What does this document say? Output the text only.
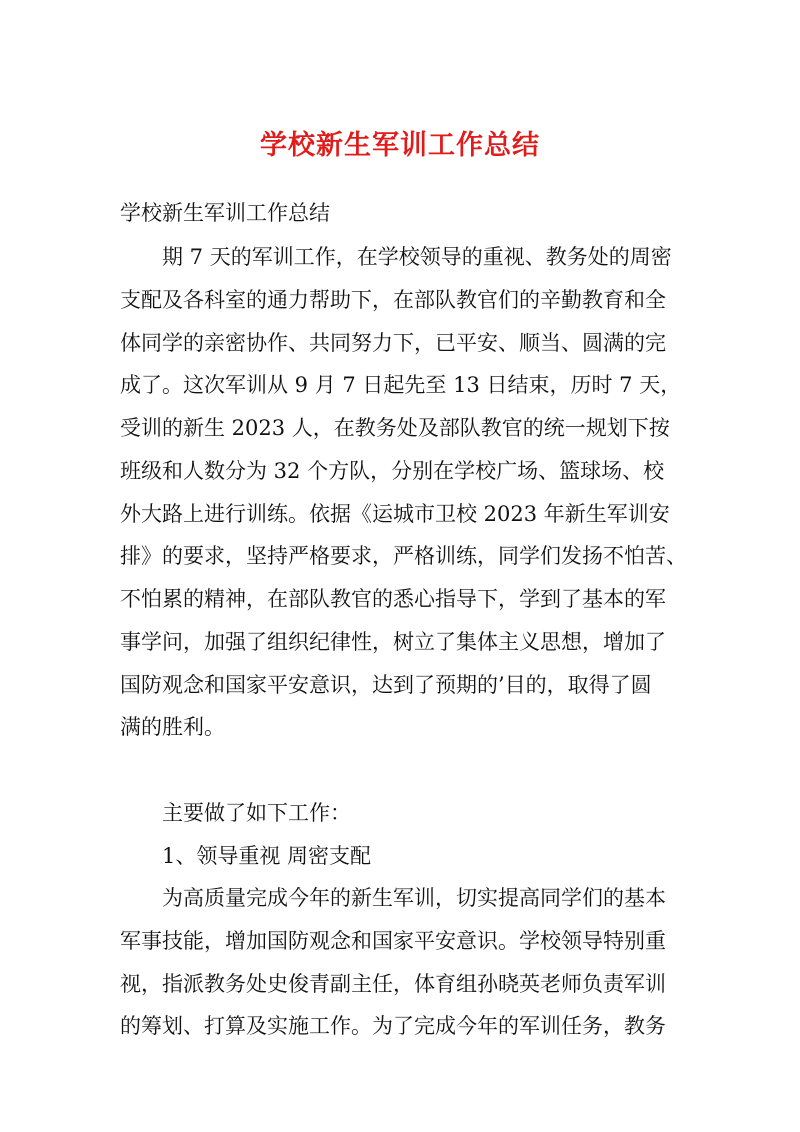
学校新生军训工作总结
学校新生军训工作总结
期 7 天的军训工作，在学校领导的重视、教务处的周密
支配及各科室的通力帮助下，在部队教官们的辛勤教育和全
体同学的亲密协作、共同努力下，已平安、顺当、圆满的完
成了。这次军训从 9 月 7 日起先至 13 日结束，历时 7 天，
受训的新生 2023 人，在教务处及部队教官的统一规划下按
班级和人数分为 32 个方队，分别在学校广场、篮球场、校
外大路上进行训练。依据《运城市卫校 2023 年新生军训安
排》的要求，坚持严格要求，严格训练，同学们发扬不怕苦、
不怕累的精神，在部队教官的悉心指导下，学到了基本的军
事学问，加强了组织纪律性，树立了集体主义思想，增加了
国防观念和国家平安意识，达到了预期的’目的，取得了圆
满的胜利。
主要做了如下工作：
1、领导重视 周密支配
为高质量完成今年的新生军训，切实提高同学们的基本
军事技能，增加国防观念和国家平安意识。学校领导特别重
视，指派教务处史俊青副主任，体育组孙晓英老师负责军训
的筹划、打算及实施工作。为了完成今年的军训任务，教务
